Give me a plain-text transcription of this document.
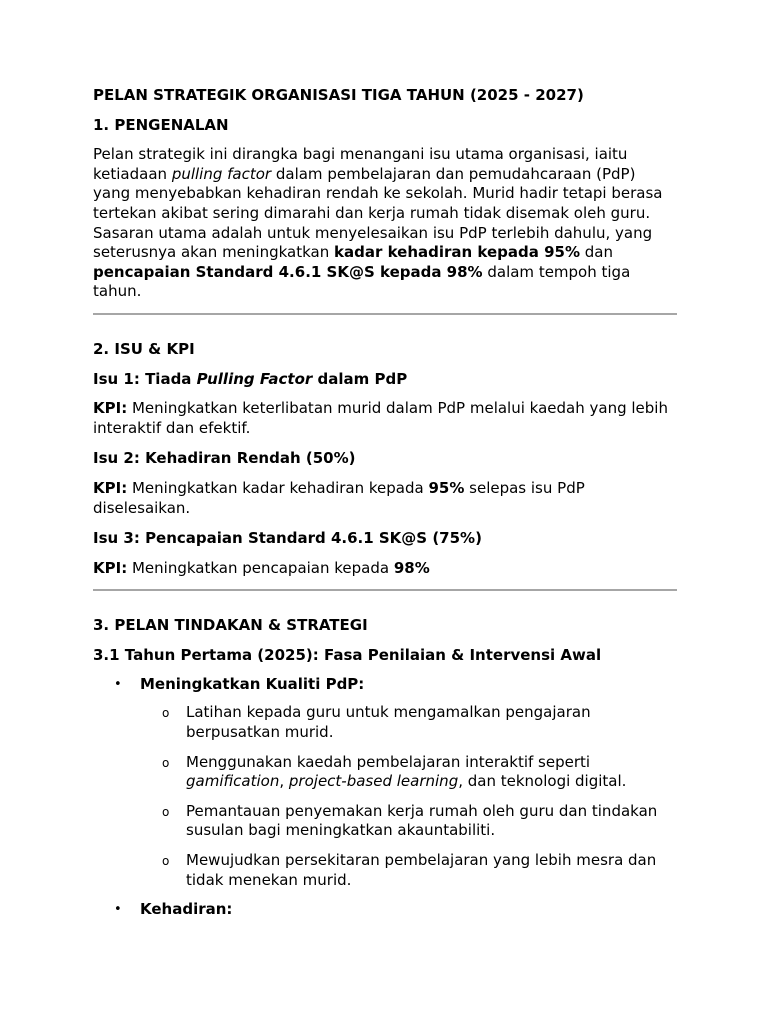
PELAN STRATEGIK ORGANISASI TIGA TAHUN (2025 - 2027)

1. PENGENALAN

Pelan strategik ini dirangka bagi menangani isu utama organisasi, iaitu ketiadaan pulling factor dalam pembelajaran dan pemudahcaraan (PdP) yang menyebabkan kehadiran rendah ke sekolah. Murid hadir tetapi berasa tertekan akibat sering dimarahi dan kerja rumah tidak disemak oleh guru. Sasaran utama adalah untuk menyelesaikan isu PdP terlebih dahulu, yang seterusnya akan meningkatkan kadar kehadiran kepada 95% dan pencapaian Standard 4.6.1 SK@S kepada 98% dalam tempoh tiga tahun.

2. ISU & KPI

Isu 1: Tiada Pulling Factor dalam PdP

KPI: Meningkatkan keterlibatan murid dalam PdP melalui kaedah yang lebih interaktif dan efektif.

Isu 2: Kehadiran Rendah (50%)

KPI: Meningkatkan kadar kehadiran kepada 95% selepas isu PdP diselesaikan.

Isu 3: Pencapaian Standard 4.6.1 SK@S (75%)

KPI: Meningkatkan pencapaian kepada 98%

3. PELAN TINDAKAN & STRATEGI

3.1 Tahun Pertama (2025): Fasa Penilaian & Intervensi Awal

• Meningkatkan Kualiti PdP:
o Latihan kepada guru untuk mengamalkan pengajaran berpusatkan murid.

o Menggunakan kaedah pembelajaran interaktif seperti gamification, project-based learning, dan teknologi digital.

o Pemantauan penyemakan kerja rumah oleh guru dan tindakan susulan bagi meningkatkan akauntabiliti.

o Mewujudkan persekitaran pembelajaran yang lebih mesra dan tidak menekan murid.

• Kehadiran:
